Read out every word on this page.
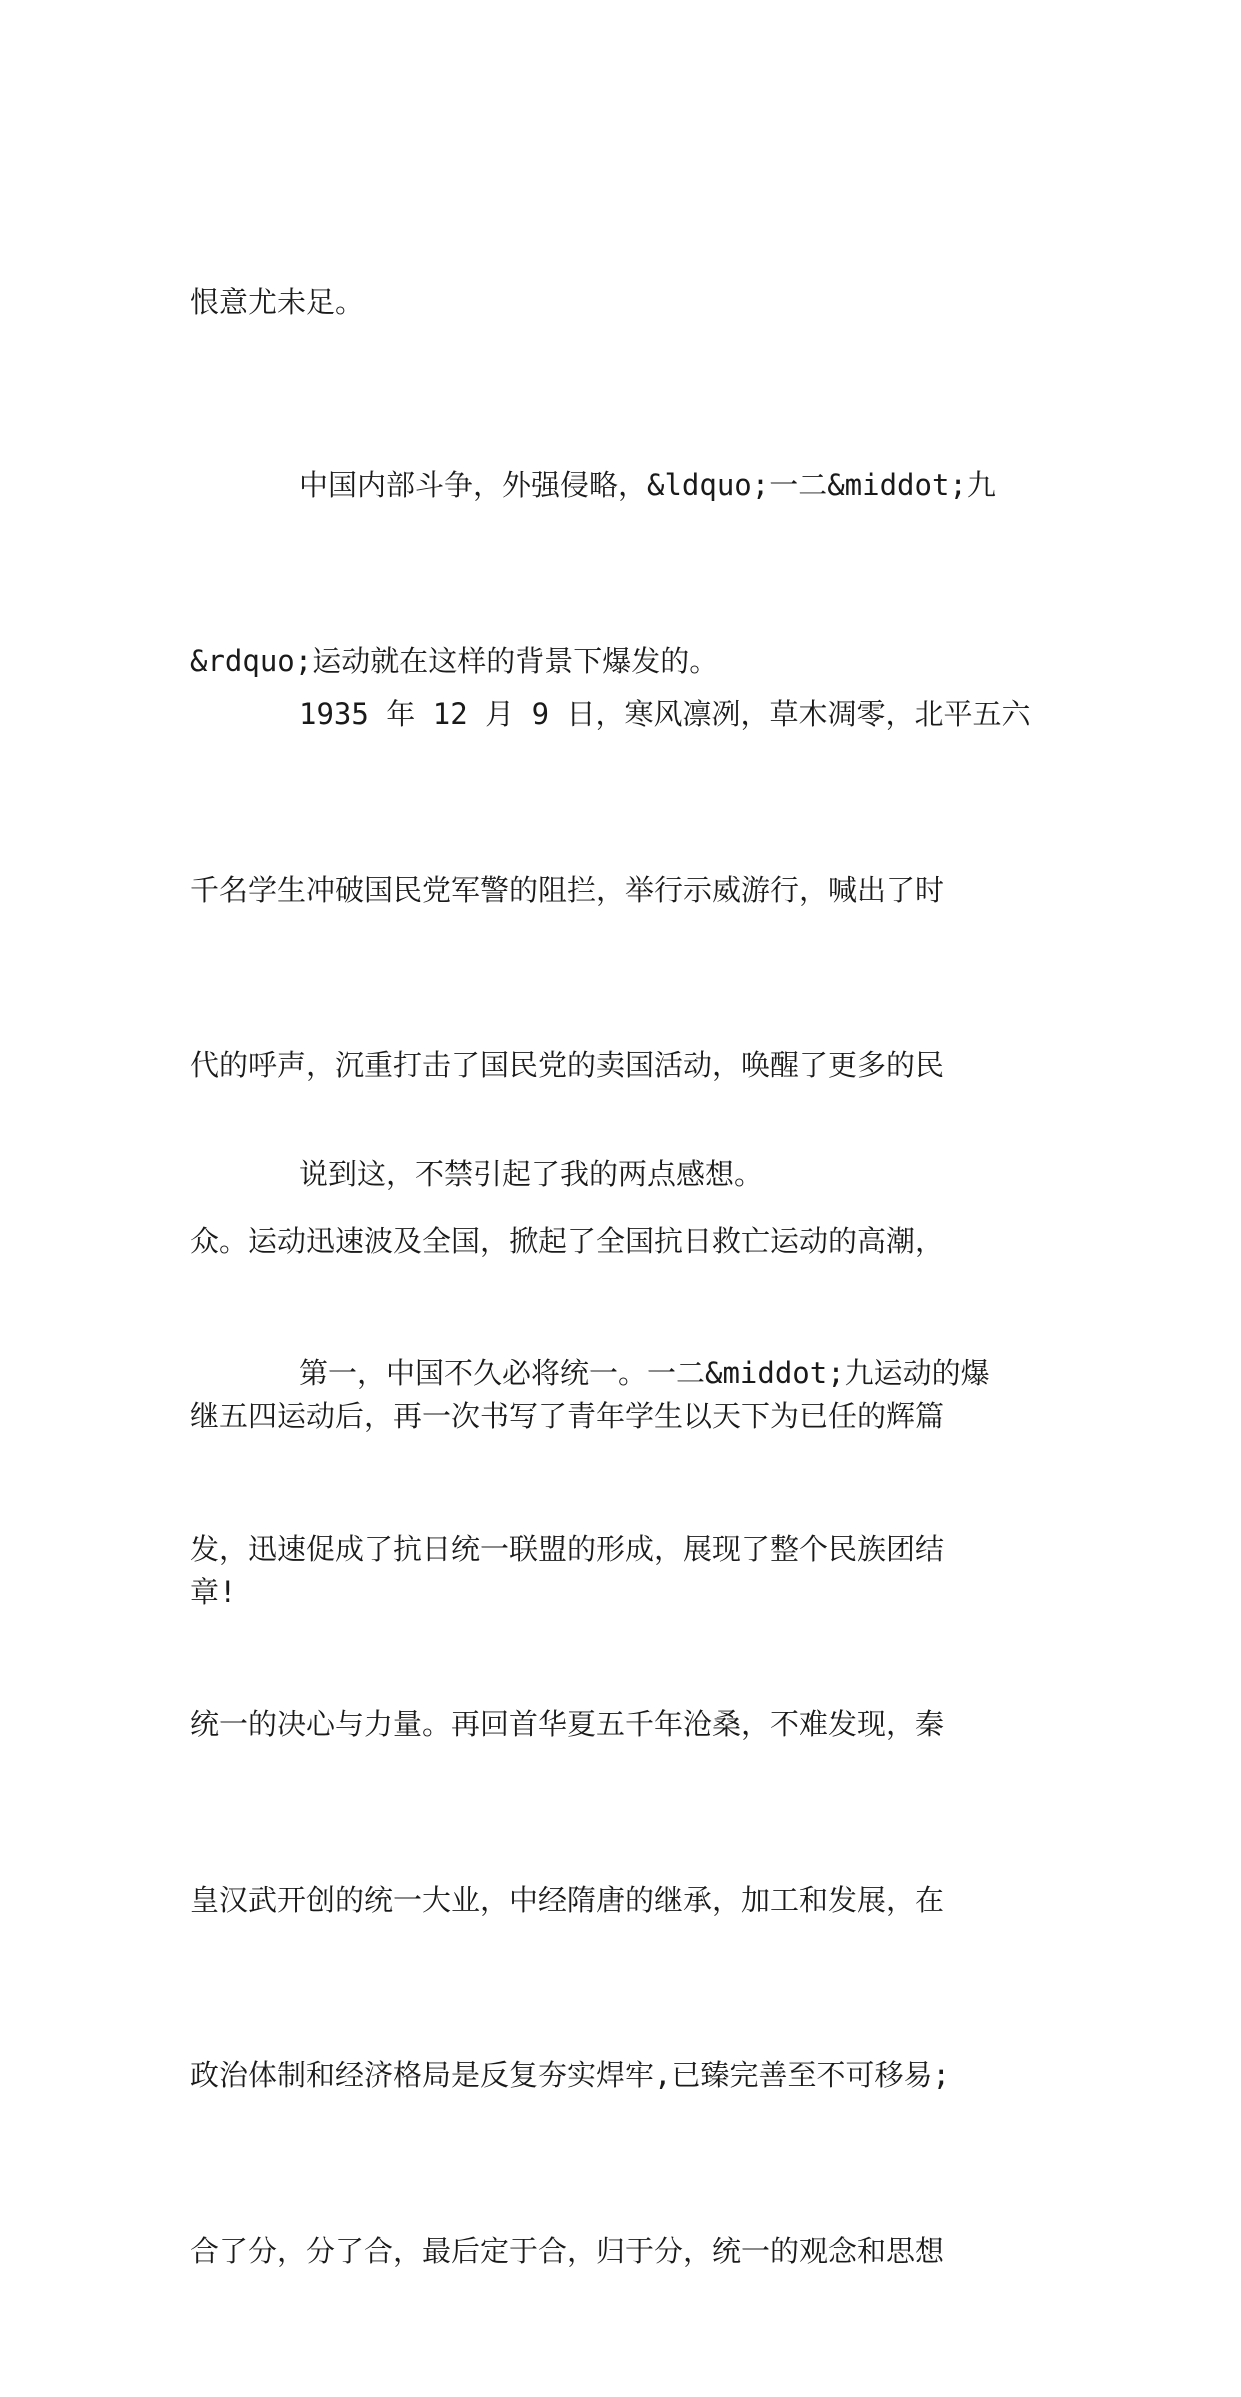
恨意尤未足。

中国内部斗争，外强侵略，&ldquo;一二&middot;九

&rdquo;运动就在这样的背景下爆发的。

1935 年 12 月 9 日，寒风凛冽，草木凋零，北平五六

千名学生冲破国民党军警的阻拦，举行示威游行，喊出了时

代的呼声，沉重打击了国民党的卖国活动，唤醒了更多的民

众。运动迅速波及全国，掀起了全国抗日救亡运动的高潮，

继五四运动后，再一次书写了青年学生以天下为已任的辉篇

章!

说到这，不禁引起了我的两点感想。

第一，中国不久必将统一。一二&middot;九运动的爆

发，迅速促成了抗日统一联盟的形成，展现了整个民族团结

统一的决心与力量。再回首华夏五千年沧桑，不难发现，秦

皇汉武开创的统一大业，中经隋唐的继承，加工和发展，在

政治体制和经济格局是反复夯实焊牢,已臻完善至不可移易;

合了分，分了合，最后定于合，归于分，统一的观念和思想
